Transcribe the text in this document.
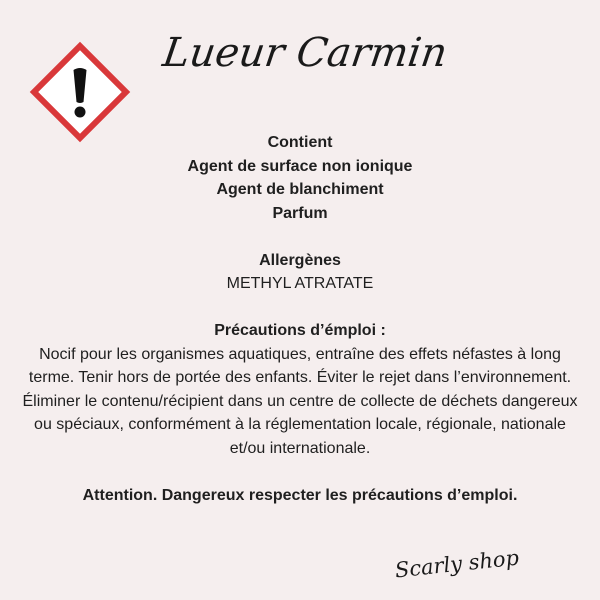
Lueur Carmin
Contient
Agent de surface non ionique
Agent de blanchiment
Parfum
Allergènes
METHYL ATRATATE
Précautions d’émploi :
Nocif pour les organismes aquatiques, entraîne des effets néfastes à long terme. Tenir hors de portée des enfants. Éviter le rejet dans l’environnement. Éliminer le contenu/récipient dans un centre de collecte de déchets dangereux ou spéciaux, conformément à la réglementation locale, régionale, nationale et/ou internationale.
Attention. Dangereux respecter les précautions d’emploi.
Scarly shop
